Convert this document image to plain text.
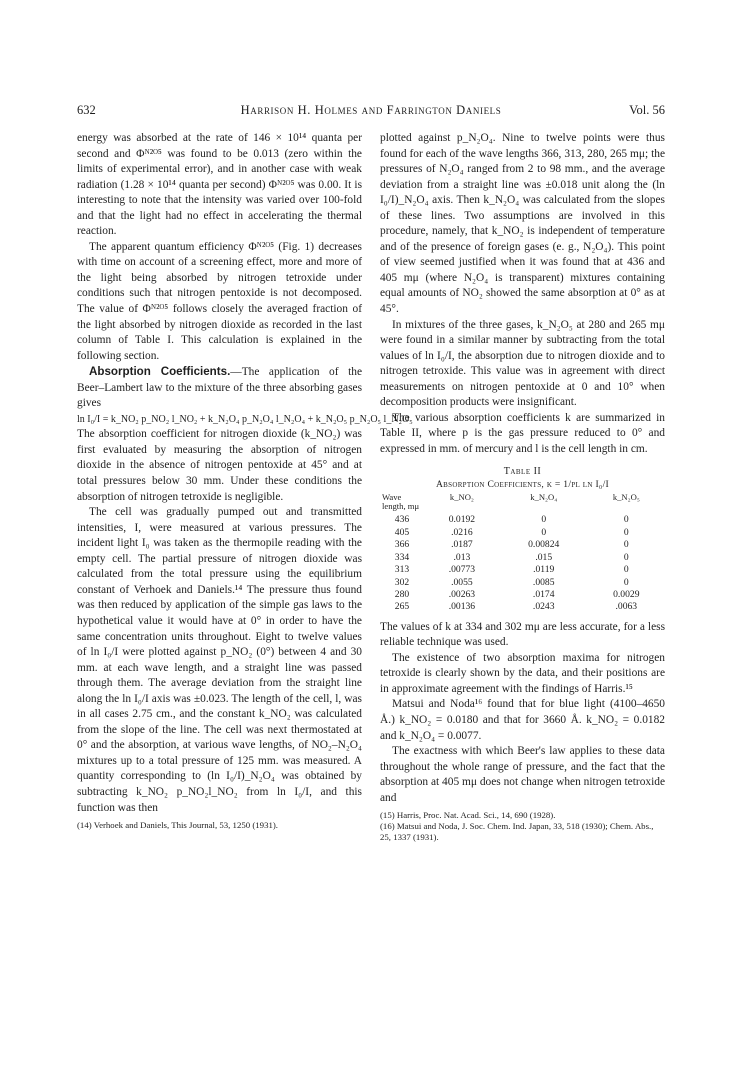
632	Harrison H. Holmes and Farrington Daniels	Vol. 56

energy was absorbed at the rate of 146 × 10¹⁴ quanta per second and Φᴺ²ᴼ⁵ was found to be 0.013 (zero within the limits of experimental error), and in another case with weak radiation (1.28 × 10¹⁴ quanta per second) Φᴺ²ᴼ⁵ was 0.00. It is interesting to note that the intensity was varied over 100-fold and that the light had no effect in accelerating the thermal reaction.

The apparent quantum efficiency Φᴺ²ᴼ⁵ (Fig. 1) decreases with time on account of a screening effect, more and more of the light being absorbed by nitrogen tetroxide under conditions such that nitrogen pentoxide is not decomposed. The value of Φᴺ²ᴼ⁵ follows closely the averaged fraction of the light absorbed by nitrogen dioxide as recorded in the last column of Table I. This calculation is explained in the following section.

Absorption Coefficients.—The application of the Beer–Lambert law to the mixture of the three absorbing gases gives

ln I₀/I = k_NO₂ p_NO₂ l_NO₂ + k_N₂O₄ p_N₂O₄ l_N₂O₄ + k_N₂O₅ p_N₂O₅ l_N₂O₅

The absorption coefficient for nitrogen dioxide (k_NO₂) was first evaluated by measuring the absorption of nitrogen dioxide in the absence of nitrogen pentoxide at 45° and at total pressures below 30 mm. Under these conditions the absorption of nitrogen tetroxide is negligible.

The cell was gradually pumped out and transmitted intensities, I, were measured at various pressures. The incident light I₀ was taken as the thermopile reading with the empty cell. The partial pressure of nitrogen dioxide was calculated from the total pressure using the equilibrium constant of Verhoek and Daniels.¹⁴ The pressure thus found was then reduced by application of the simple gas laws to the hypothetical value it would have at 0° in order to have the same concentration units throughout. Eight to twelve values of ln I₀/I were plotted against p_NO₂ (0°) between 4 and 30 mm. at each wave length, and a straight line was passed through them. The average deviation from the straight line along the ln I₀/I axis was ±0.023. The length of the cell, l, was in all cases 2.75 cm., and the constant k_NO₂ was calculated from the slope of the line. The cell was next thermostated at 0° and the absorption, at various wave lengths, of NO₂–N₂O₄ mixtures up to a total pressure of 125 mm. was measured. A quantity corresponding to (ln I₀/I)_N₂O₄ was obtained by subtracting k_NO₂ p_NO₂l_NO₂ from ln I₀/I, and this function was then

(14) Verhoek and Daniels, This Journal, 53, 1250 (1931).

plotted against p_N₂O₄. Nine to twelve points were thus found for each of the wave lengths 366, 313, 280, 265 mμ; the pressures of N₂O₄ ranged from 2 to 98 mm., and the average deviation from a straight line was ±0.018 unit along the (ln I₀/I)_N₂O₄ axis. Then k_N₂O₄ was calculated from the slopes of these lines. Two assumptions are involved in this procedure, namely, that k_NO₂ is independent of temperature and of the presence of foreign gases (e. g., N₂O₄). This point of view seemed justified when it was found that at 436 and 405 mμ (where N₂O₄ is transparent) mixtures containing equal amounts of NO₂ showed the same absorption at 0° as at 45°.

In mixtures of the three gases, k_N₂O₅ at 280 and 265 mμ were found in a similar manner by subtracting from the total values of ln I₀/I, the absorption due to nitrogen dioxide and to nitrogen tetroxide. This value was in agreement with direct measurements on nitrogen pentoxide at 0 and 10° when decomposition products were insignificant.

The various absorption coefficients k are summarized in Table II, where p is the gas pressure reduced to 0° and expressed in mm. of mercury and l is the cell length in cm.

Table II
Absorption Coefficients, k = 1/pl ln I₀/I
Wave length, mμ	k_NO₂	k_N₂O₄	k_N₂O₅
436	0.0192	0	0
405	.0216	0	0
366	.0187	0.00824	0
334	.013	.015	0
313	.00773	.0119	0
302	.0055	.0085	0
280	.00263	.0174	0.0029
265	.00136	.0243	.0063

The values of k at 334 and 302 mμ are less accurate, for a less reliable technique was used.

The existence of two absorption maxima for nitrogen tetroxide is clearly shown by the data, and their positions are in approximate agreement with the findings of Harris.¹⁵

Matsui and Noda¹⁶ found that for blue light (4100–4650 Å.) k_NO₂ = 0.0180 and that for 3660 Å. k_NO₂ = 0.0182 and k_N₂O₄ = 0.0077.

The exactness with which Beer's law applies to these data throughout the whole range of pressure, and the fact that the absorption at 405 mμ does not change when nitrogen tetroxide and

(15) Harris, Proc. Nat. Acad. Sci., 14, 690 (1928).

(16) Matsui and Noda, J. Soc. Chem. Ind. Japan, 33, 518 (1930); Chem. Abs., 25, 1337 (1931).
